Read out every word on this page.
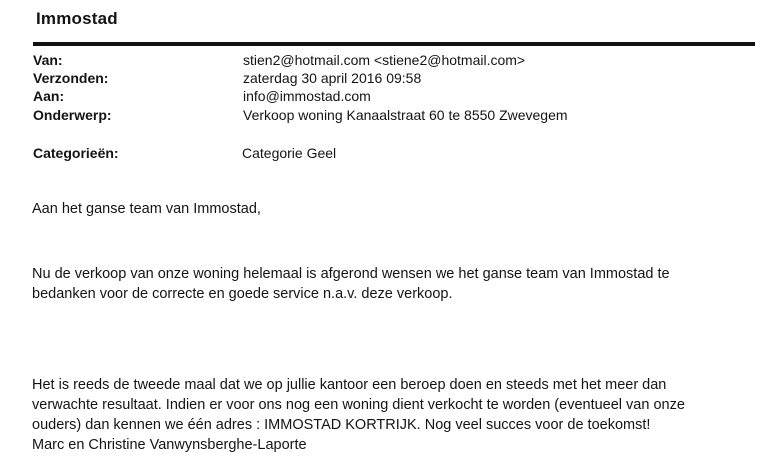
Immostad
Van:	stien2@hotmail.com <stiene2@hotmail.com>
Verzonden:	zaterdag 30 april 2016 09:58
Aan:	info@immostad.com
Onderwerp:	Verkoop woning Kanaalstraat 60 te 8550 Zwevegem
Categorieën:	Categorie Geel
Aan het ganse team van Immostad,
Nu de verkoop van onze woning helemaal is afgerond wensen we het ganse team van Immostad te
bedanken voor de correcte en goede service n.a.v. deze verkoop.
Het is reeds de tweede maal dat we op jullie kantoor een beroep doen en steeds met het meer dan
verwachte resultaat. Indien er voor ons nog een woning dient verkocht te worden (eventueel van onze
ouders) dan kennen we één adres : IMMOSTAD KORTRIJK. Nog veel succes voor de toekomst!
Marc en Christine Vanwynsberghe-Laporte
